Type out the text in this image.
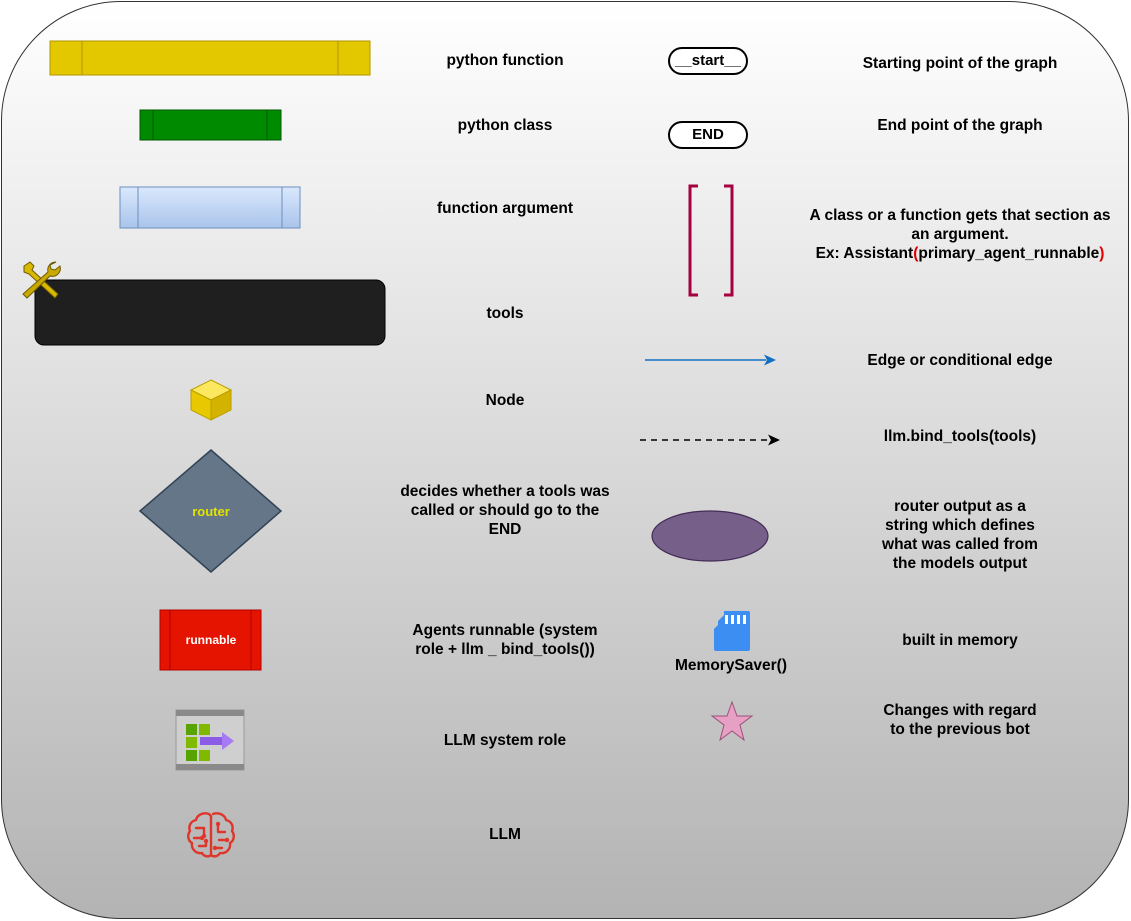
router
runnable
python function
python class
function argument
tools
Node
decides whether a tools was
called or should go to the
END
Agents runnable (system
role + llm _ bind_tools())
LLM system role
LLM
__start__
END
MemorySaver()
Starting point of the graph
End point of the graph
A class or a function gets that section as
an argument.
Ex: Assistant(primary_agent_runnable)
Edge or conditional edge
llm.bind_tools(tools)
router output as a
string which defines
what was called from
the models output
built in memory
Changes with regard
to the previous bot
